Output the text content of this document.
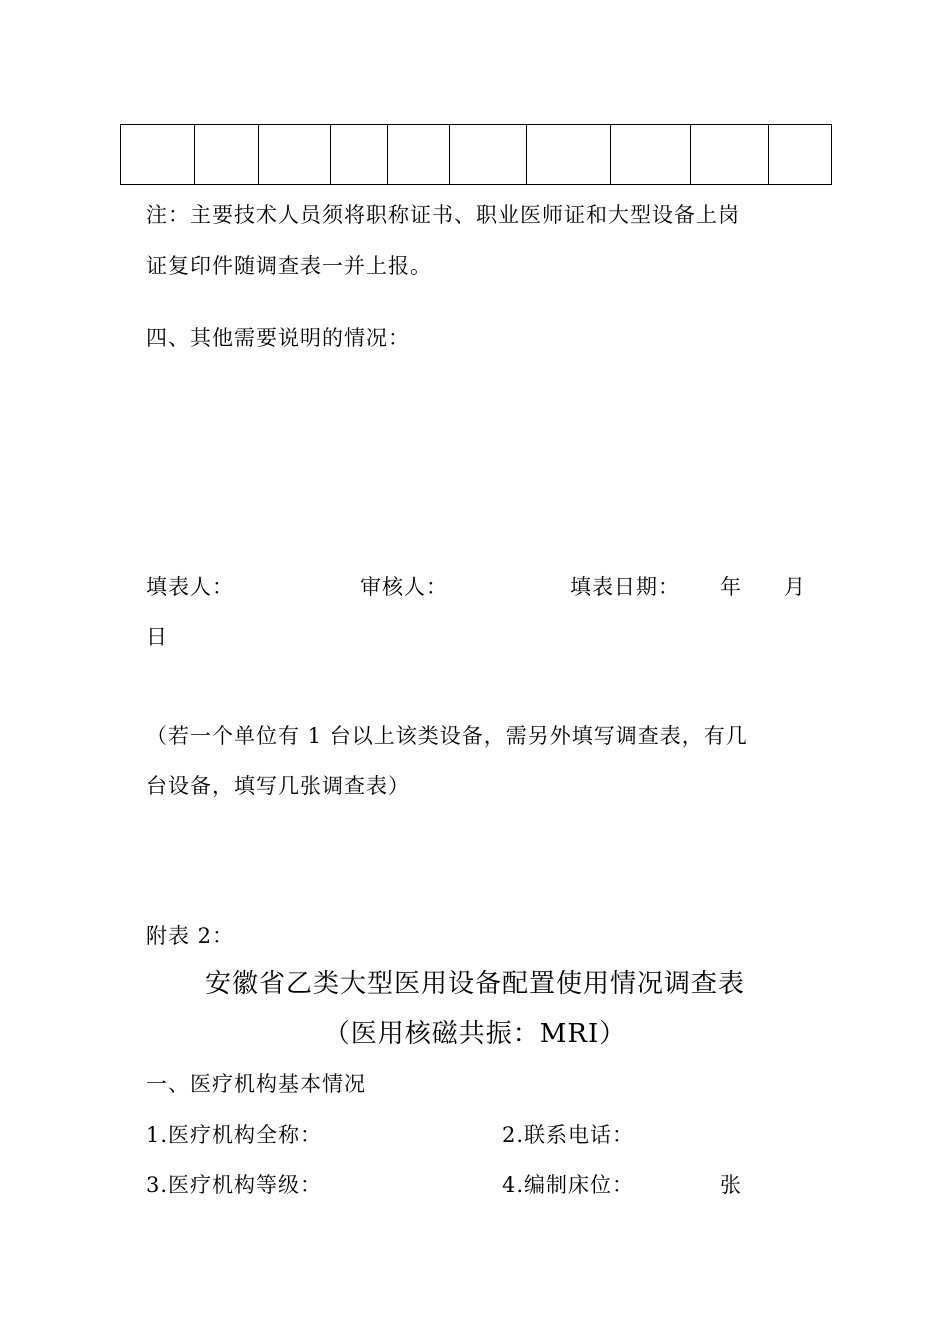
注：主要技术人员须将职称证书、职业医师证和大型设备上岗
证复印件随调查表一并上报。
四、其他需要说明的情况：
填表人：	审核人：	填表日期： 年 月
日
（若一个单位有 1 台以上该类设备，需另外填写调查表，有几
台设备，填写几张调查表）
附表 2：
安徽省乙类大型医用设备配置使用情况调查表
（医用核磁共振：MRI）
一、医疗机构基本情况
1.医疗机构全称：	2.联系电话：
3.医疗机构等级：	4.编制床位：	张
